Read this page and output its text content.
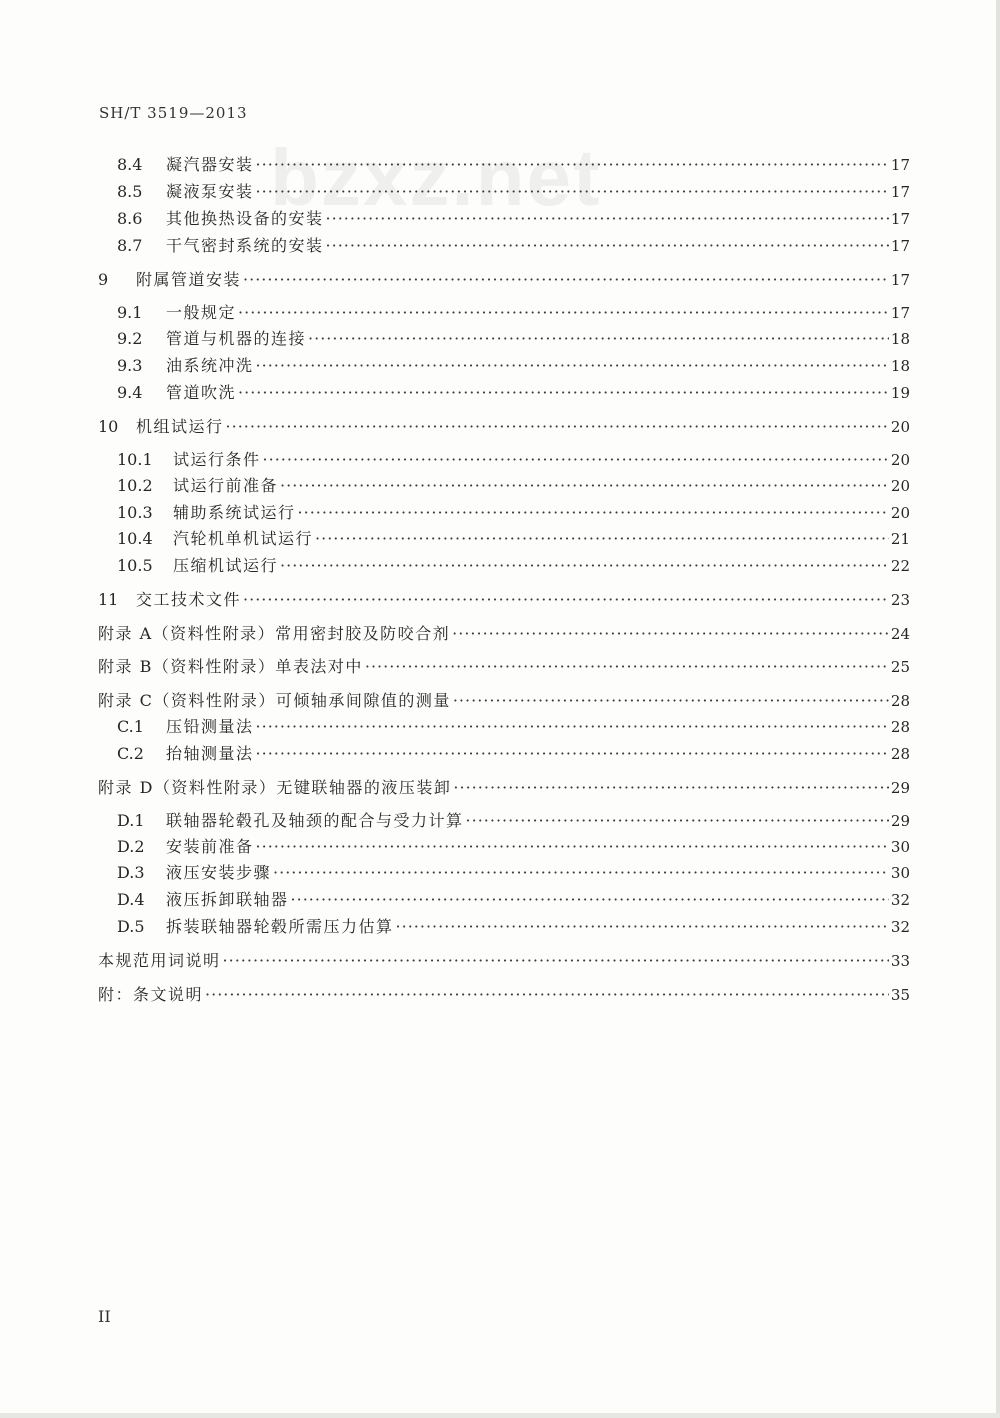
SH/T 3519—2013
bzxz.net
8.4	凝汽器安装 ·····	17
8.5	凝液泵安装 ·····	17
8.6	其他换热设备的安装 ·····	17
8.7	干气密封系统的安装 ·····	17
9	附属管道安装 ·····	17
9.1	一般规定 ·····	17
9.2	管道与机器的连接 ·····	18
9.3	油系统冲洗 ·····	18
9.4	管道吹洗 ·····	19
10	机组试运行 ·····	20
10.1	试运行条件 ·····	20
10.2	试运行前准备 ·····	20
10.3	辅助系统试运行 ·····	20
10.4	汽轮机单机试运行 ·····	21
10.5	压缩机试运行 ·····	22
11	交工技术文件 ·····	23
附录 A（资料性附录）常用密封胶及防咬合剂 ·····	24
附录 B（资料性附录）单表法对中 ·····	25
附录 C（资料性附录）可倾轴承间隙值的测量 ·····	28
C.1	压铅测量法 ·····	28
C.2	抬轴测量法 ·····	28
附录 D（资料性附录）无键联轴器的液压装卸 ·····	29
D.1	联轴器轮毂孔及轴颈的配合与受力计算 ·····	29
D.2	安装前准备 ·····	30
D.3	液压安装步骤 ·····	30
D.4	液压拆卸联轴器 ·····	32
D.5	拆装联轴器轮毂所需压力估算 ·····	32
本规范用词说明 ·····	33
附：条文说明 ·····	35
II
